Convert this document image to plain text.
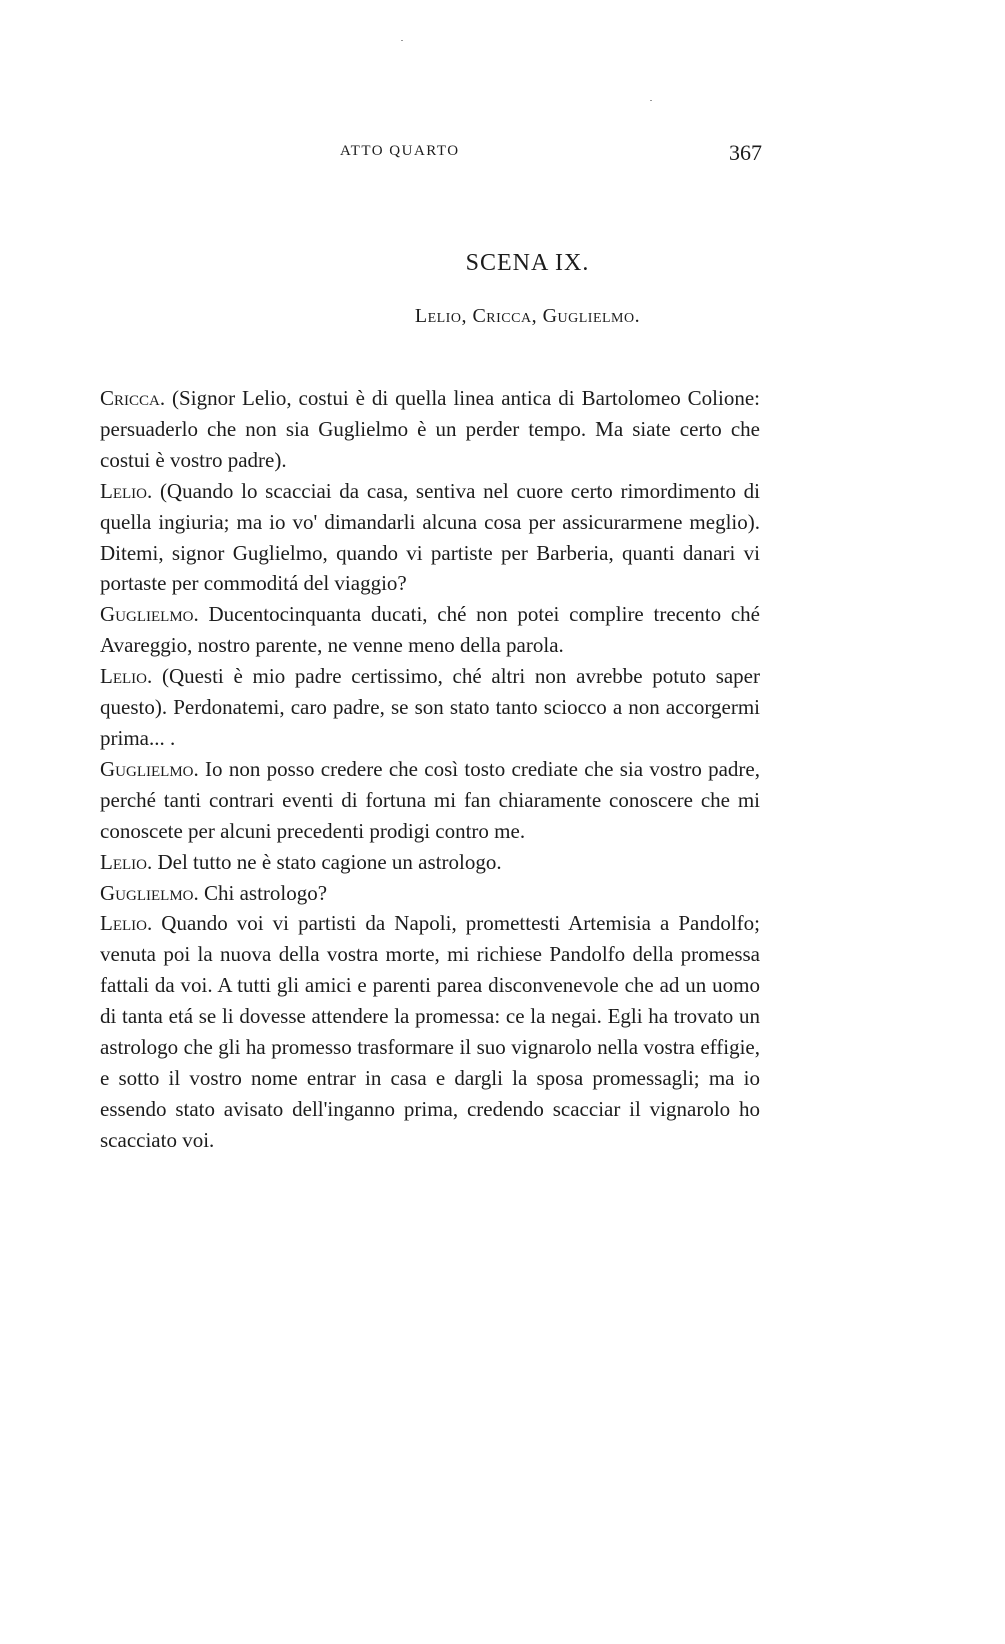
ATTO QUARTO	367
SCENA IX.
Lelio, Cricca, Guglielmo.

Cricca. (Signor Lelio, costui è di quella linea antica di Bartolomeo Colione: persuaderlo che non sia Guglielmo è un perder tempo. Ma siate certo che costui è vostro padre).

Lelio. (Quando lo scacciai da casa, sentiva nel cuore certo rimordimento di quella ingiuria; ma io vo' dimandarli alcuna cosa per assicurarmene meglio). Ditemi, signor Guglielmo, quando vi partiste per Barberia, quanti danari vi portaste per commoditá del viaggio?

Guglielmo. Ducentocinquanta ducati, ché non potei complire trecento ché Avareggio, nostro parente, ne venne meno della parola.

Lelio. (Questi è mio padre certissimo, ché altri non avrebbe potuto saper questo). Perdonatemi, caro padre, se son stato tanto sciocco a non accorgermi prima... .

Guglielmo. Io non posso credere che così tosto crediate che sia vostro padre, perché tanti contrari eventi di fortuna mi fan chiaramente conoscere che mi conoscete per alcuni precedenti prodigi contro me.

Lelio. Del tutto ne è stato cagione un astrologo.

Guglielmo. Chi astrologo?

Lelio. Quando voi vi partisti da Napoli, promettesti Artemisia a Pandolfo; venuta poi la nuova della vostra morte, mi richiese Pandolfo della promessa fattali da voi. A tutti gli amici e parenti parea disconvenevole che ad un uomo di tanta etá se li dovesse attendere la promessa: ce la negai. Egli ha trovato un astrologo che gli ha promesso trasformare il suo vignarolo nella vostra effigie, e sotto il vostro nome entrar in casa e dargli la sposa promessagli; ma io essendo stato avisato dell'inganno prima, credendo scacciar il vignarolo ho scacciato voi.
